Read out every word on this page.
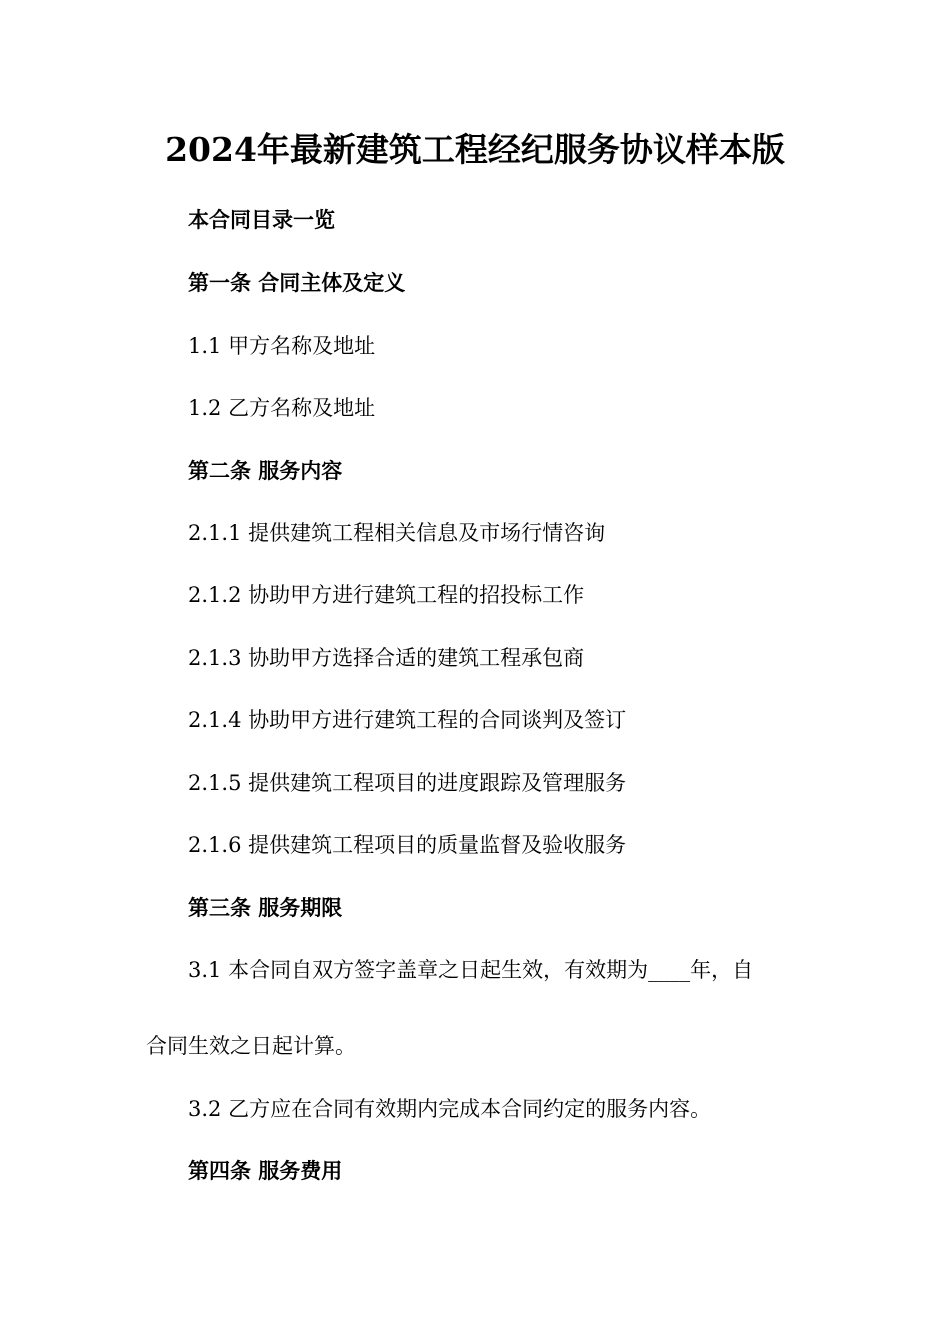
2024年最新建筑工程经纪服务协议样本版
本合同目录一览
第一条 合同主体及定义
1.1 甲方名称及地址
1.2 乙方名称及地址
第二条 服务内容
2.1.1 提供建筑工程相关信息及市场行情咨询
2.1.2 协助甲方进行建筑工程的招投标工作
2.1.3 协助甲方选择合适的建筑工程承包商
2.1.4 协助甲方进行建筑工程的合同谈判及签订
2.1.5 提供建筑工程项目的进度跟踪及管理服务
2.1.6 提供建筑工程项目的质量监督及验收服务
第三条 服务期限
3.1 本合同自双方签字盖章之日起生效，有效期为____年，自
合同生效之日起计算。
3.2 乙方应在合同有效期内完成本合同约定的服务内容。
第四条 服务费用
